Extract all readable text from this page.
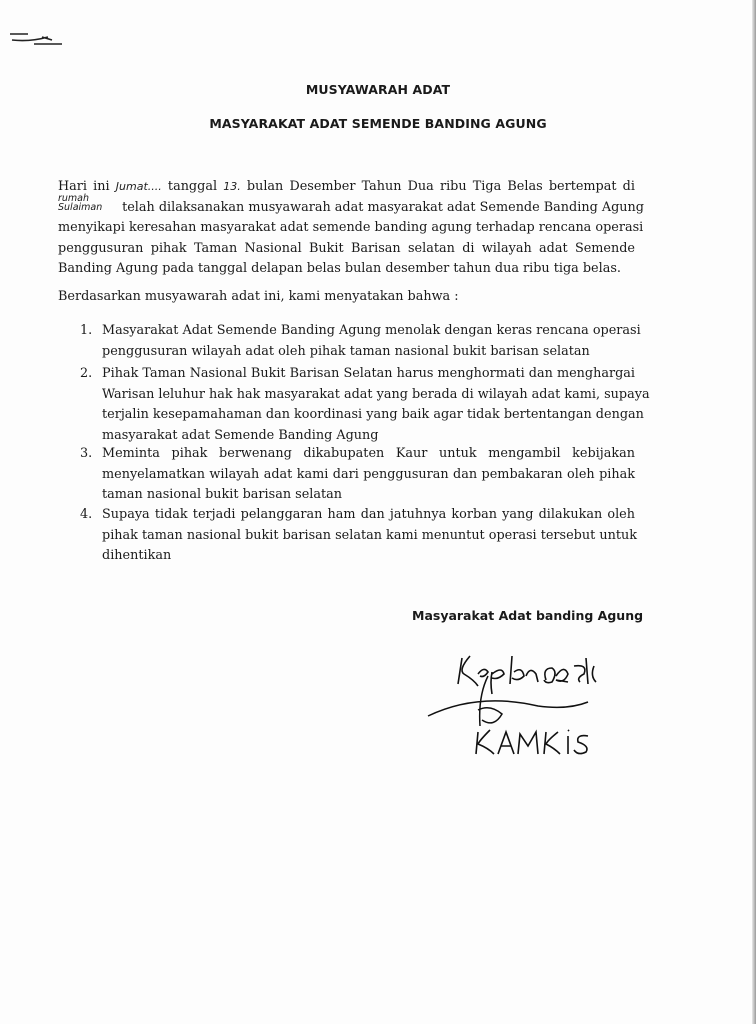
MUSYAWARAH ADAT
MASYARAKAT ADAT SEMENDE BANDING AGUNG
Hari ini Jumat.... tanggal 13. bulan Desember Tahun Dua ribu Tiga Belas bertempat di
rumah
Sulaiman telah dilaksanakan musyawarah adat masyarakat adat Semende Banding Agung
menyikapi keresahan masyarakat adat semende banding agung terhadap rencana operasi
penggusuran pihak Taman Nasional Bukit Barisan selatan di wilayah adat Semende
Banding Agung pada tanggal delapan belas bulan desember tahun dua ribu tiga belas.
Berdasarkan musyawarah adat ini, kami menyatakan bahwa :
1. Masyarakat Adat Semende Banding Agung menolak dengan keras rencana operasi
penggusuran wilayah adat oleh pihak taman nasional bukit barisan selatan
2. Pihak Taman Nasional Bukit Barisan Selatan harus menghormati dan menghargai
Warisan leluhur hak hak masyarakat adat yang berada di wilayah adat kami, supaya
terjalin kesepamahaman dan koordinasi yang baik agar tidak bertentangan dengan
masyarakat adat Semende Banding Agung
3. Meminta pihak berwenang dikabupaten Kaur untuk mengambil kebijakan
menyelamatkan wilayah adat kami dari penggusuran dan pembakaran oleh pihak
taman nasional bukit barisan selatan
4. Supaya tidak terjadi pelanggaran ham dan jatuhnya korban yang dilakukan oleh
pihak taman nasional bukit barisan selatan kami menuntut operasi tersebut untuk
dihentikan
Masyarakat Adat banding Agung
